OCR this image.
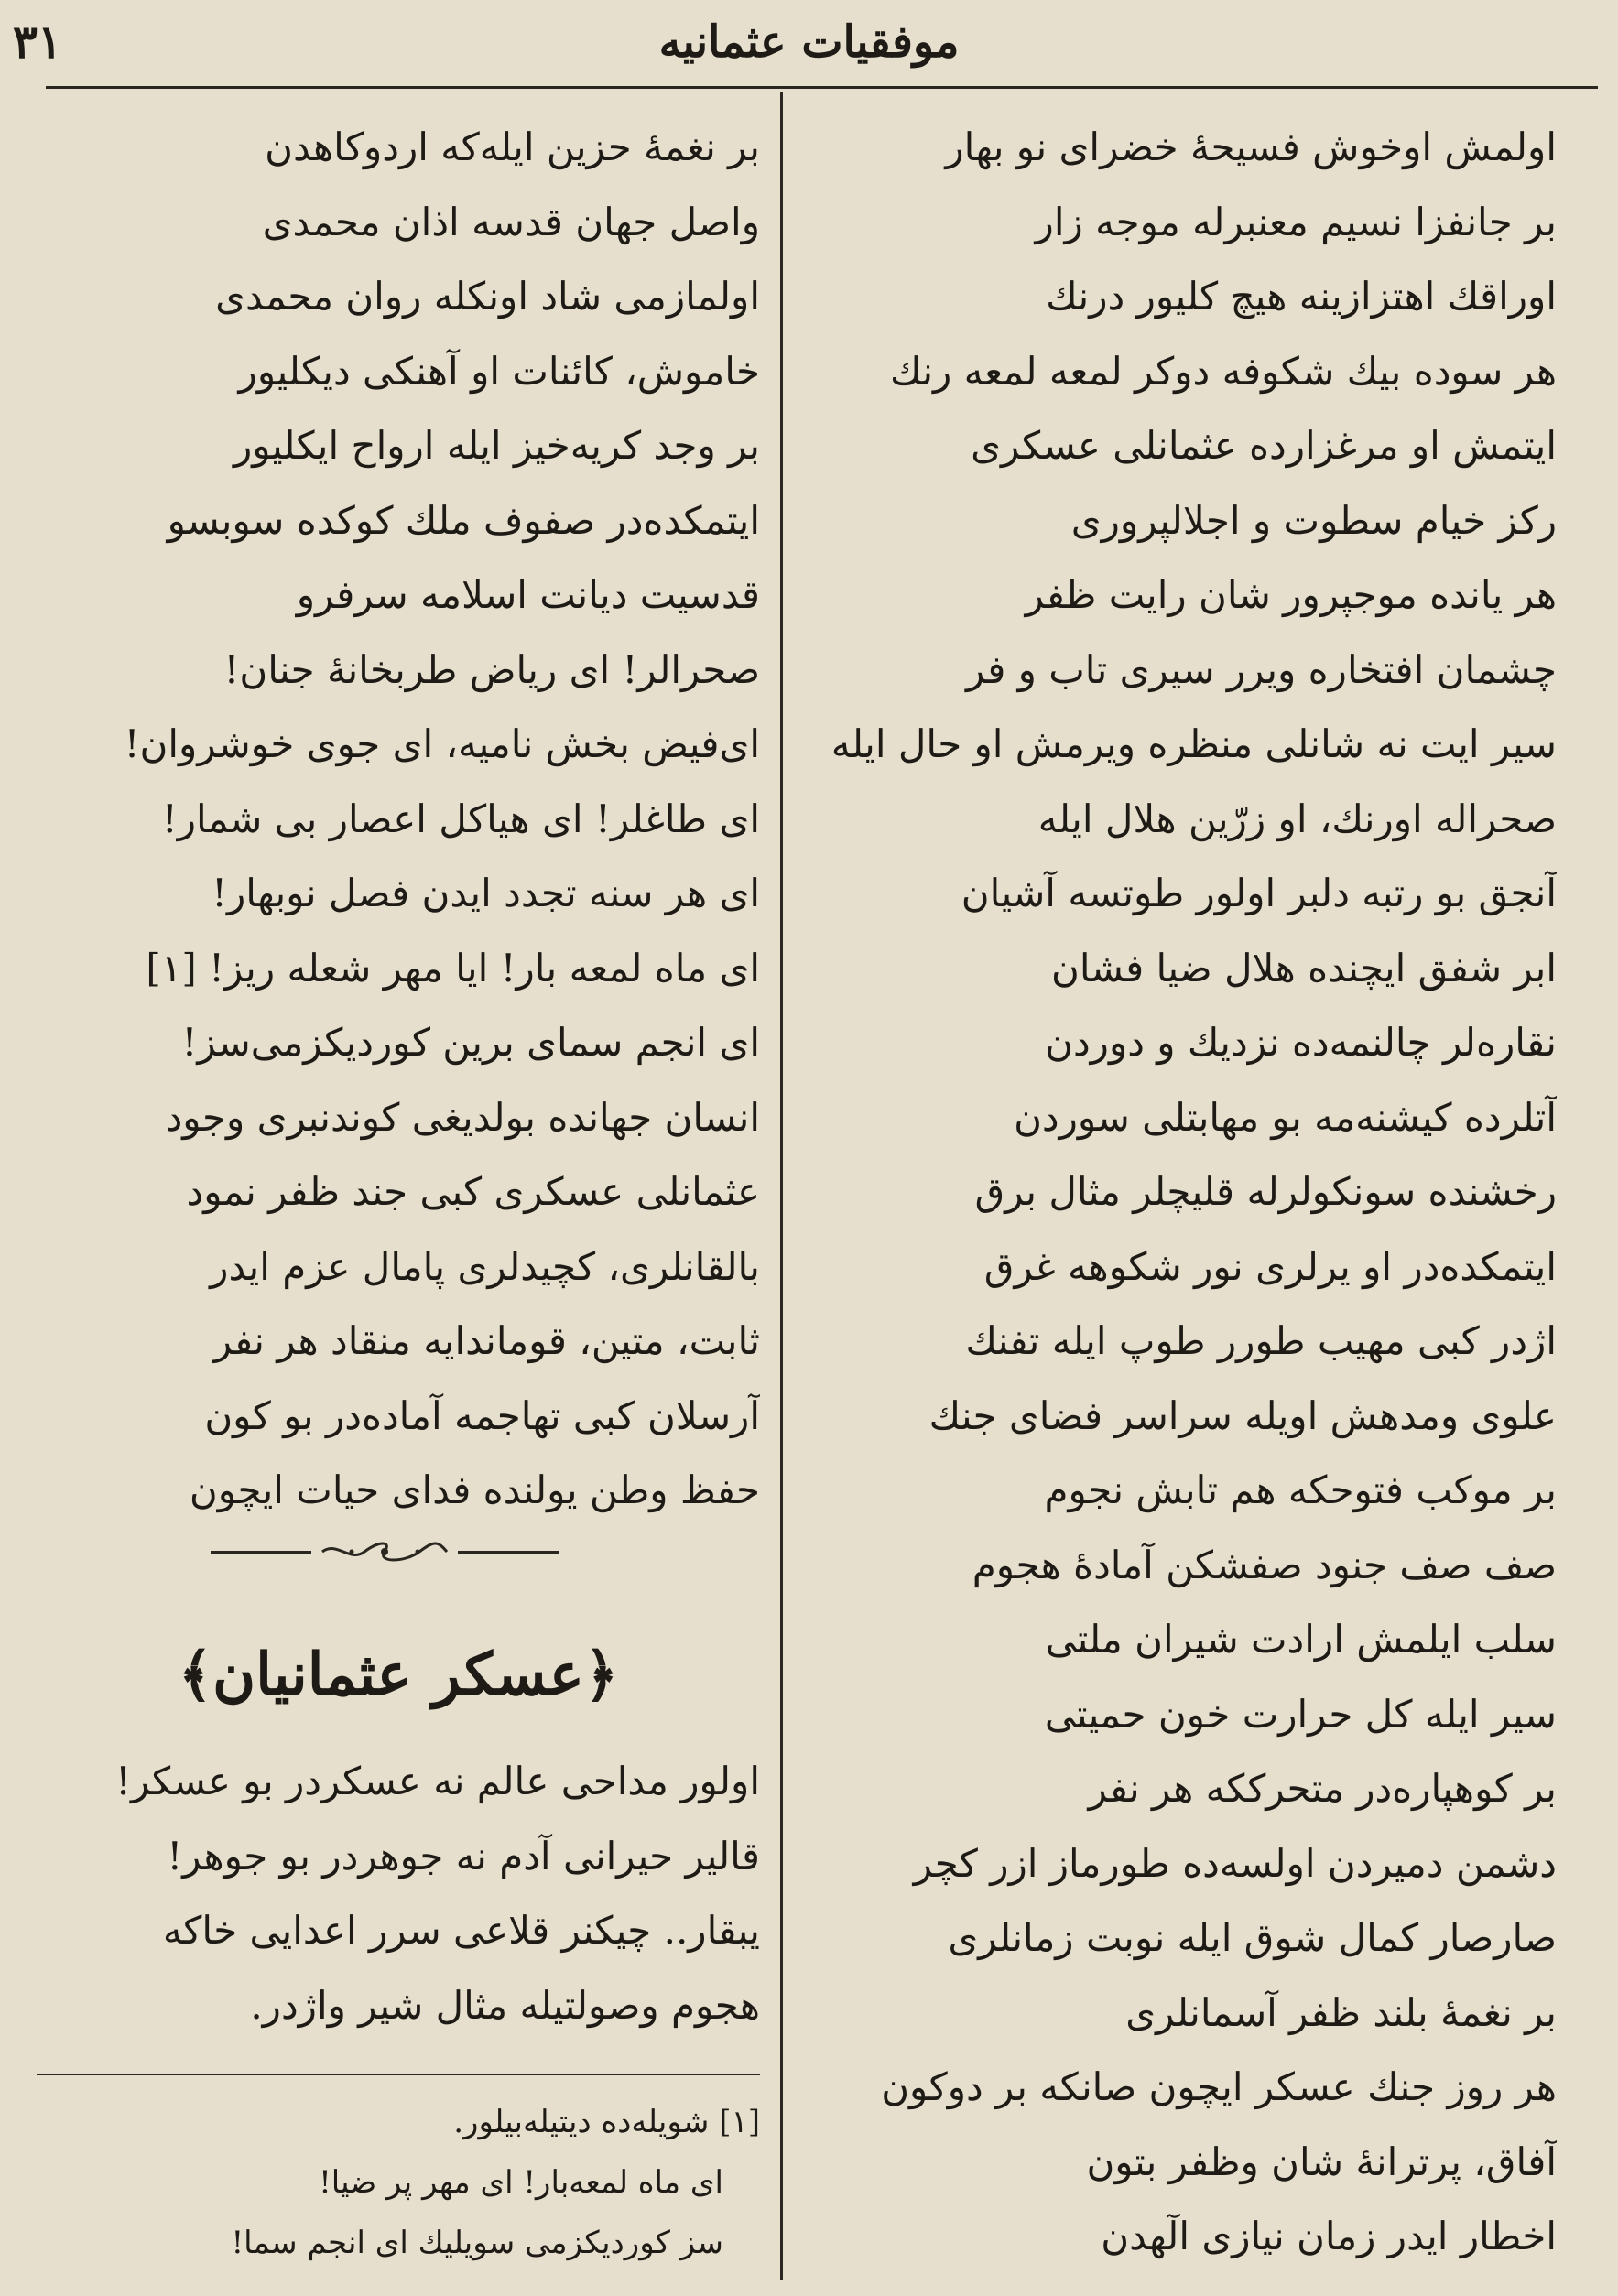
٣١	موفقيات عثمانيه
اولمش اوخوش فسيحهٔ خضرای نو بهار
بر جانفزا نسيم معنبرله موجه زار
اوراقك اهتزازينه هيچ كليور درنك
هر سوده بيك شكوفه دوكر لمعه لمعه رنك
ايتمش او مرغزارده عثمانلی عسكری
ركز خيام سطوت و اجلالپروری
هر يانده موجپرور شان رايت ظفر
چشمان افتخاره ويرر سيری تاب و فر
سير ايت نه شانلی منظره ويرمش او حال ايله
صحراله اورنك، او زرّين هلال ايله
آنجق بو رتبه دلبر اولور طوتسه آشيان
ابر شفق ايچنده هلال ضيا فشان
نقاره‌لر چالنمه‌ده نزديك و دوردن
آتلرده كيشنه‌مه بو مهابتلی سوردن
رخشنده سونكولرله قليچلر مثال برق
ايتمكده‌در او يرلری نور شكوهه غرق
اژدر كبی مهيب طورر طوپ ايله تفنك
علوی ومدهش اويله سراسر فضای جنك
بر موكب فتوحكه هم تابش نجوم
صف صف جنود صفشكن آمادهٔ هجوم
سلب ايلمش ارادت شيران ملتی
سير ايله كل حرارت خون حميتی
بر كوهپاره‌در متحرككه هر نفر
دشمن دميردن اولسه‌ده طورماز ازر كچر
صارصار كمال شوق ايله نوبت زمانلری
بر نغمهٔ بلند ظفر آسمانلری
هر روز جنك عسكر ايچون صانكه بر دوكون
آفاق، پرترانهٔ شان وظفر بتون
اخطار ايدر زمان نيازی الٓهدن
بر نغمهٔ حزين ايله‌كه اردوكاهدن
واصل جهان قدسه اذان محمدی
اولمازمی شاد اونكله روان محمدی
خاموش، كائنات او آهنكی ديكليور
بر وجد كريه‌خيز ايله ارواح ايكليور
ايتمكده‌در صفوف ملك كوكده سوبسو
قدسيت ديانت اسلامه سرفرو
صحرالر! ای رياض طربخانهٔ جنان!
ای‌فيض بخش ناميه، ای جوی خوشروان!
ای طاغلر! ای هياكل اعصار بی شمار!
ای هر سنه تجدد ايدن فصل نوبهار!
ای ماه لمعه بار! ايا مهر شعله ريز! [١]
ای انجم سمای برين كورديكزمی‌سز!
انسان جهانده بولديغی كوندنبری وجود
عثمانلی عسكری كبی جند ظفر نمود
بالقانلری، كچيدلری پامال عزم ايدر
ثابت، متين، قوماندايه منقاد هر نفر
آرسلان كبی تهاجمه آماده‌در بو كون
حفظ وطن يولنده فدای حيات ايچون
﴿عسكر عثمانيان﴾
اولور مداحی عالم نه عسكردر بو عسكر!
قالير حيرانی آدم نه جوهردر بو جوهر!
يبقار.. چيكنر قلاعی سرر اعدايی خاكه
هجوم وصولتيله مثال شير واژدر.
[١] شويله‌ده ديتيله‌بيلور.
ای ماه لمعه‌بار! ای مهر پر ضيا!
سز كورديكزمی سويليك ای انجم سما!
